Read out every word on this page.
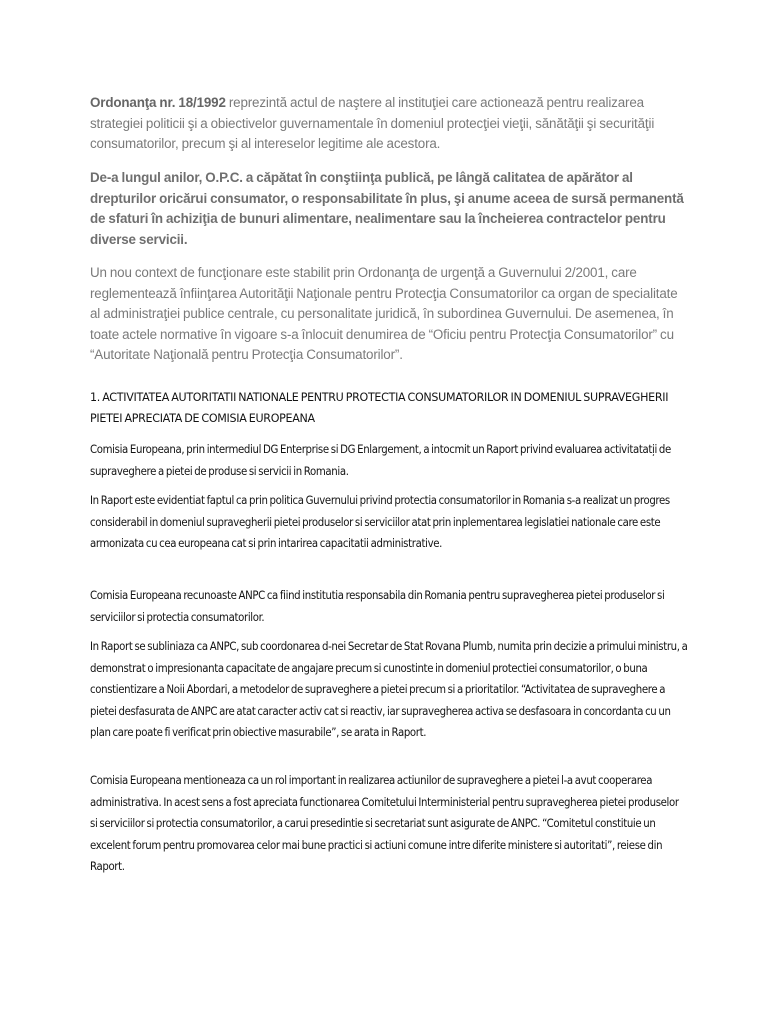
Ordonanţa nr. 18/1992 reprezintă actul de naştere al instituţiei care actionează pentru realizarea strategiei politicii şi a obiectivelor guvernamentale în domeniul protecţiei vieţii, sănătăţii şi securităţii consumatorilor, precum şi al intereselor legitime ale acestora.

De-a lungul anilor, O.P.C. a căpătat în conştiinţa publică, pe lângă calitatea de apărător al drepturilor oricărui consumator, o responsabilitate în plus, şi anume aceea de sursă permanentă de sfaturi în achiziţia de bunuri alimentare, nealimentare sau la încheierea contractelor pentru diverse servicii.

Un nou context de funcţionare este stabilit prin Ordonanţa de urgenţă a Guvernului 2/2001, care reglementează înfiinţarea Autorităţii Naţionale pentru Protecţia Consumatorilor ca organ de specialitate al administraţiei publice centrale, cu personalitate juridică, în subordinea Guvernului. De asemenea, în toate actele normative în vigoare s-a înlocuit denumirea de “Oficiu pentru Protecţia Consumatorilor” cu “Autoritate Naţională pentru Protecţia Consumatorilor”.

1. ACTIVITATEA AUTORITATII NATIONALE PENTRU PROTECTIA CONSUMATORILOR IN DOMENIUL SUPRAVEGHERII PIETEI APRECIATA DE COMISIA EUROPEANA

Comisia Europeana, prin intermediul DG Enterprise si DG Enlargement, a intocmit un Raport privind evaluarea activitatati̦i de supraveghere a pietei de produse si servicii in Romania.

In Raport este evidentiat faptul ca prin politica Guvernului privind protectia consumatorilor in Romania s-a realizat un progres considerabil in domeniul supravegherii pietei produselor si serviciilor atat prin inplementarea legislatiei nationale care este armonizata cu cea europeana cat si prin intarirea capacitatii administrative.

Comisia Europeana recunoaste ANPC ca fiind institutia responsabila din Romania pentru supravegherea pietei produselor si serviciilor si protectia consumatorilor.

In Raport se subliniaza ca ANPC, sub coordonarea d-nei Secretar de Stat Rovana Plumb, numita prin decizie a primului ministru, a demonstrat o impresionanta capacitate de angajare precum si cunostinte in domeniul protectiei consumatorilor, o buna constientizare a Noii Abordari, a metodelor de supraveghere a pietei precum si a prioritatilor. “Activitatea de supraveghere a pietei desfasurata de ANPC are atat caracter activ cat si reactiv, iar supravegherea activa se desfasoara in concordanta cu un plan care poate fi verificat prin obiective masurabile”, se arata in Raport.

Comisia Europeana mentioneaza ca un rol important in realizarea actiunilor de supraveghere a pietei l-a avut cooperarea administrativa. In acest sens a fost apreciata functionarea Comitetului Interministerial pentru supravegherea pietei produselor si serviciilor si protectia consumatorilor, a carui presedintie si secretariat sunt asigurate de ANPC. “Comitetul constituie un excelent forum pentru promovarea celor mai bune practici si actiuni comune intre diferite ministere si autoritati”, reiese din Raport.
